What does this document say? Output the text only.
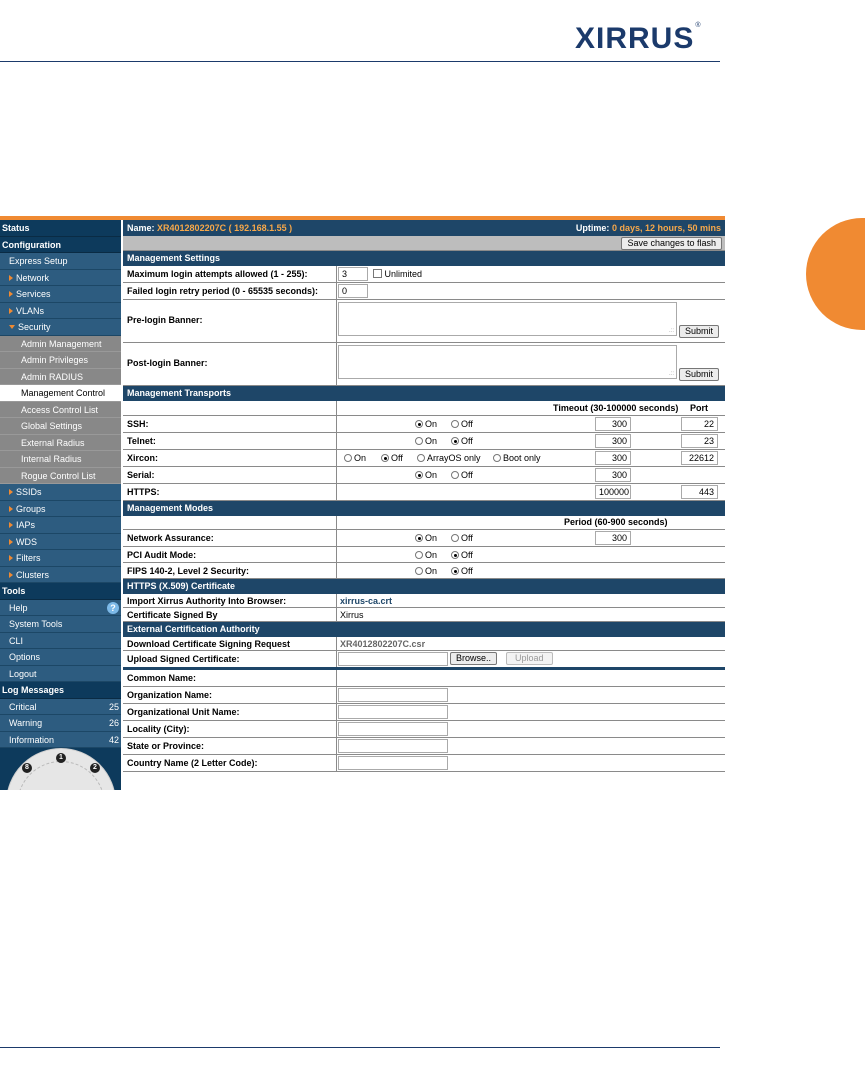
XIRRUS®
Status
Configuration
Express Setup
Network
Services
VLANs
Security
Admin Management
Admin Privileges
Admin RADIUS
Management Control
Access Control List
Global Settings
External Radius
Internal Radius
Rogue Control List
SSIDs
Groups
IAPs
WDS
Filters
Clusters
Tools
Help	?
System Tools
CLI
Options
Logout
Log Messages
Critical	25
Warning	26
Information	42
1
2
8
Name: XR4012802207C ( 192.168.1.55 )	Uptime: 0 days, 12 hours, 50 mins
Save changes to flash
Management Settings
Maximum login attempts allowed (1 - 255):	3	Unlimited
Failed login retry period (0 - 65535 seconds):	0
Pre-login Banner:
.::	Submit
Post-login Banner:
.::	Submit
Management Transports
Timeout (30-100000 seconds) Port
SSH:	On	Off	300	22
Telnet:	On	Off	300	23
Xircon:	On	Off	ArrayOS only	Boot only	300	22612
Serial:	On	Off	300
HTTPS:	100000	443
Management Modes
Period (60-900 seconds)
Network Assurance:	On	Off	300
PCI Audit Mode:	On	Off
FIPS 140-2, Level 2 Security:	On	Off
HTTPS (X.509) Certificate
Import Xirrus Authority Into Browser:	xirrus-ca.crt
Certificate Signed By	Xirrus
External Certification Authority
Download Certificate Signing Request	XR4012802207C.csr
Upload Signed Certificate:	Browse..	Upload
Common Name:
Organization Name:
Organizational Unit Name:
Locality (City):
State or Province:
Country Name (2 Letter Code):
